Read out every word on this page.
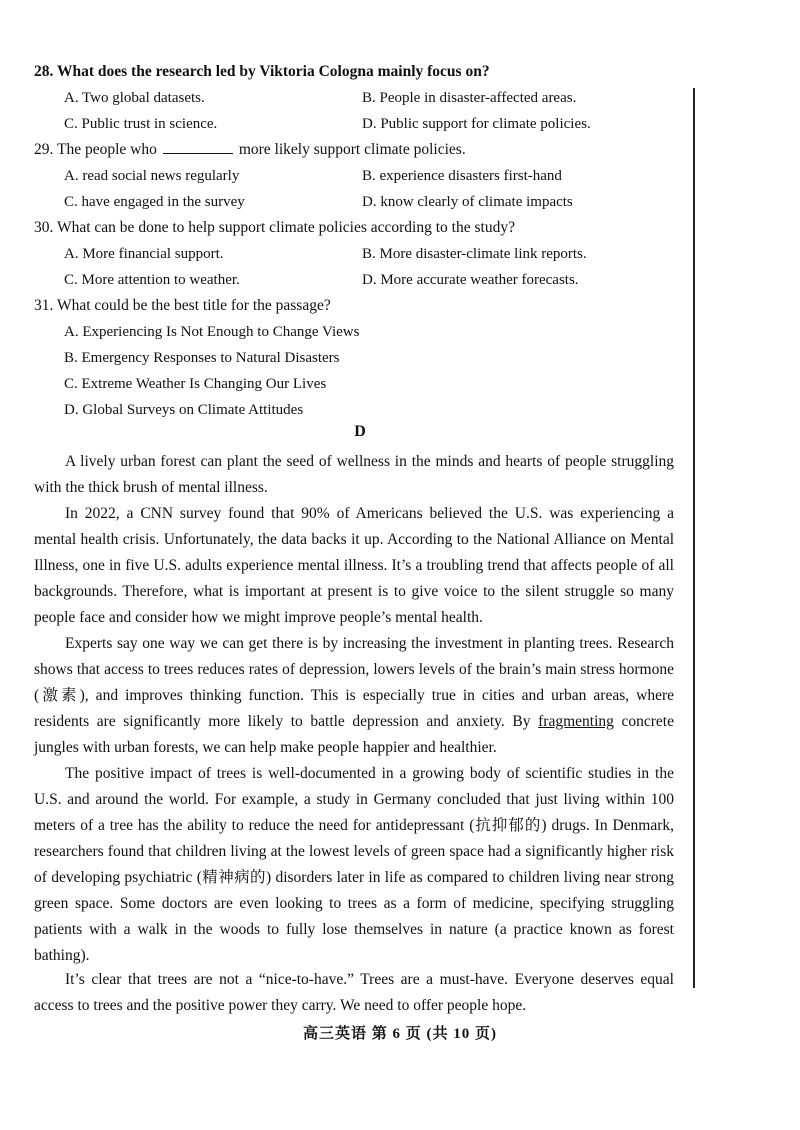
28. What does the research led by Viktoria Cologna mainly focus on?
A. Two global datasets.	B. People in disaster-affected areas.
C. Public trust in science.	D. Public support for climate policies.
29. The people who	more likely support climate policies.
A. read social news regularly	B. experience disasters first-hand
C. have engaged in the survey	D. know clearly of climate impacts
30. What can be done to help support climate policies according to the study?
A. More financial support.	B. More disaster-climate link reports.
C. More attention to weather.	D. More accurate weather forecasts.
31. What could be the best title for the passage?
A. Experiencing Is Not Enough to Change Views
B. Emergency Responses to Natural Disasters
C. Extreme Weather Is Changing Our Lives
D. Global Surveys on Climate Attitudes
D
A lively urban forest can plant the seed of wellness in the minds and hearts of people struggling with the thick brush of mental illness.
In 2022, a CNN survey found that 90% of Americans believed the U.S. was experiencing a mental health crisis. Unfortunately, the data backs it up. According to the National Alliance on Mental Illness, one in five U.S. adults experience mental illness. It’s a troubling trend that affects people of all backgrounds. Therefore, what is important at present is to give voice to the silent struggle so many people face and consider how we might improve people’s mental health.
Experts say one way we can get there is by increasing the investment in planting trees. Research shows that access to trees reduces rates of depression, lowers levels of the brain’s main stress hormone (激素), and improves thinking function. This is especially true in cities and urban areas, where residents are significantly more likely to battle depression and anxiety. By fragmenting concrete jungles with urban forests, we can help make people happier and healthier.
The positive impact of trees is well-documented in a growing body of scientific studies in the U.S. and around the world. For example, a study in Germany concluded that just living within 100 meters of a tree has the ability to reduce the need for antidepressant (抗抑郁的) drugs. In Denmark, researchers found that children living at the lowest levels of green space had a significantly higher risk of developing psychiatric (精神病的) disorders later in life as compared to children living near strong green space. Some doctors are even looking to trees as a form of medicine, specifying struggling patients with a walk in the woods to fully lose themselves in nature (a practice known as forest bathing).
It’s clear that trees are not a “nice-to-have.” Trees are a must-have. Everyone deserves equal access to trees and the positive power they carry. We need to offer people hope.
高三英语 第 6 页 (共 10 页)
